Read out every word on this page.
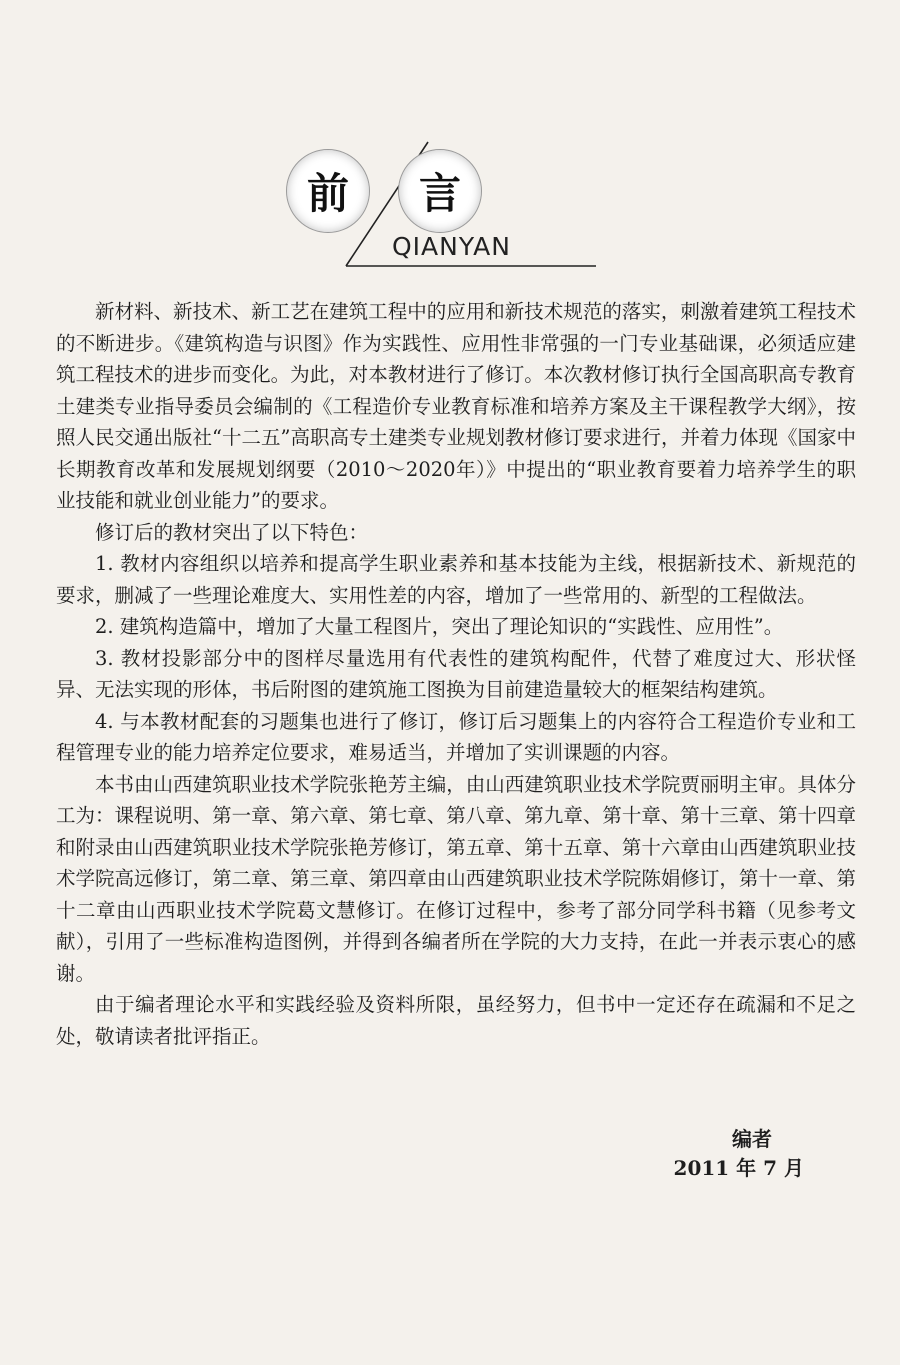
前	言
QIANYAN

新材料、新技术、新工艺在建筑工程中的应用和新技术规范的落实，刺激着建筑工程技术的不断进步。《建筑构造与识图》作为实践性、应用性非常强的一门专业基础课，必须适应建筑工程技术的进步而变化。为此，对本教材进行了修订。本次教材修订执行全国高职高专教育土建类专业指导委员会编制的《工程造价专业教育标准和培养方案及主干课程教学大纲》，按照人民交通出版社“十二五”高职高专土建类专业规划教材修订要求进行，并着力体现《国家中长期教育改革和发展规划纲要（2010～2020年）》中提出的“职业教育要着力培养学生的职业技能和就业创业能力”的要求。

修订后的教材突出了以下特色：

1. 教材内容组织以培养和提高学生职业素养和基本技能为主线，根据新技术、新规范的要求，删减了一些理论难度大、实用性差的内容，增加了一些常用的、新型的工程做法。

2. 建筑构造篇中，增加了大量工程图片，突出了理论知识的“实践性、应用性”。

3. 教材投影部分中的图样尽量选用有代表性的建筑构配件，代替了难度过大、形状怪异、无法实现的形体，书后附图的建筑施工图换为目前建造量较大的框架结构建筑。

4. 与本教材配套的习题集也进行了修订，修订后习题集上的内容符合工程造价专业和工程管理专业的能力培养定位要求，难易适当，并增加了实训课题的内容。

本书由山西建筑职业技术学院张艳芳主编，由山西建筑职业技术学院贾丽明主审。具体分工为：课程说明、第一章、第六章、第七章、第八章、第九章、第十章、第十三章、第十四章和附录由山西建筑职业技术学院张艳芳修订，第五章、第十五章、第十六章由山西建筑职业技术学院高远修订，第二章、第三章、第四章由山西建筑职业技术学院陈娟修订，第十一章、第十二章由山西职业技术学院葛文慧修订。在修订过程中，参考了部分同学科书籍（见参考文献），引用了一些标准构造图例，并得到各编者所在学院的大力支持，在此一并表示衷心的感谢。

由于编者理论水平和实践经验及资料所限，虽经努力，但书中一定还存在疏漏和不足之处，敬请读者批评指正。

编者
2011 年 7 月
